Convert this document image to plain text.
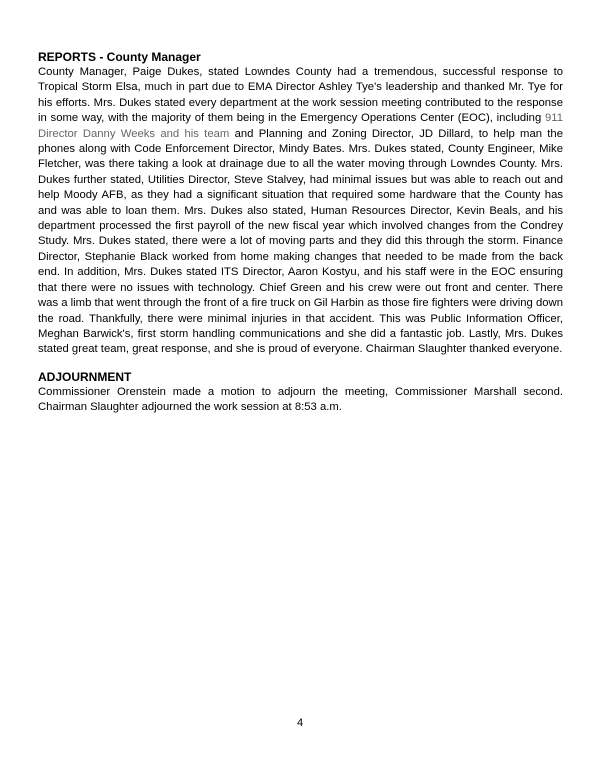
REPORTS - County Manager

County Manager, Paige Dukes, stated Lowndes County had a tremendous, successful response to Tropical Storm Elsa, much in part due to EMA Director Ashley Tye's leadership and thanked Mr. Tye for his efforts. Mrs. Dukes stated every department at the work session meeting contributed to the response in some way, with the majority of them being in the Emergency Operations Center (EOC), including 911 Director Danny Weeks and his team and Planning and Zoning Director, JD Dillard, to help man the phones along with Code Enforcement Director, Mindy Bates. Mrs. Dukes stated, County Engineer, Mike Fletcher, was there taking a look at drainage due to all the water moving through Lowndes County. Mrs. Dukes further stated, Utilities Director, Steve Stalvey, had minimal issues but was able to reach out and help Moody AFB, as they had a significant situation that required some hardware that the County has and was able to loan them. Mrs. Dukes also stated, Human Resources Director, Kevin Beals, and his department processed the first payroll of the new fiscal year which involved changes from the Condrey Study. Mrs. Dukes stated, there were a lot of moving parts and they did this through the storm. Finance Director, Stephanie Black worked from home making changes that needed to be made from the back end. In addition, Mrs. Dukes stated ITS Director, Aaron Kostyu, and his staff were in the EOC ensuring that there were no issues with technology. Chief Green and his crew were out front and center. There was a limb that went through the front of a fire truck on Gil Harbin as those fire fighters were driving down the road. Thankfully, there were minimal injuries in that accident. This was Public Information Officer, Meghan Barwick's, first storm handling communications and she did a fantastic job. Lastly, Mrs. Dukes stated great team, great response, and she is proud of everyone. Chairman Slaughter thanked everyone.

ADJOURNMENT

Commissioner Orenstein made a motion to adjourn the meeting, Commissioner Marshall second. Chairman Slaughter adjourned the work session at 8:53 a.m.

4
